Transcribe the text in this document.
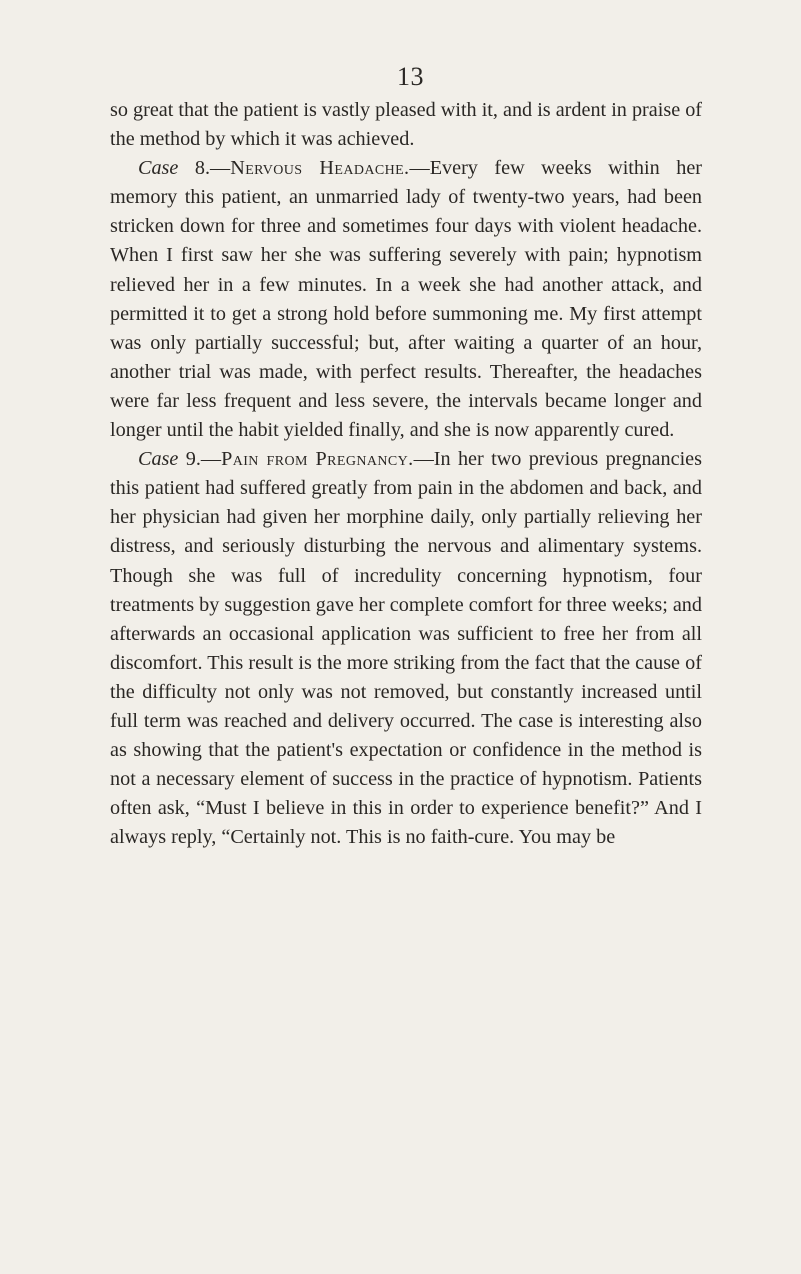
13

so great that the patient is vastly pleased with it, and is ardent in praise of the method by which it was achieved.

Case 8.—Nervous Headache.—Every few weeks within her memory this patient, an unmarried lady of twenty-two years, had been stricken down for three and sometimes four days with violent headache. When I first saw her she was suffering severely with pain; hypnotism relieved her in a few minutes. In a week she had another attack, and permitted it to get a strong hold before summoning me. My first attempt was only partially successful; but, after waiting a quarter of an hour, another trial was made, with perfect results. Thereafter, the headaches were far less frequent and less severe, the intervals became longer and longer until the habit yielded finally, and she is now apparently cured.

Case 9.—Pain from Pregnancy.—In her two previous pregnancies this patient had suffered greatly from pain in the abdomen and back, and her physician had given her morphine daily, only partially relieving her distress, and seriously disturbing the nervous and alimentary systems. Though she was full of incredulity concerning hypnotism, four treatments by suggestion gave her complete comfort for three weeks; and afterwards an occasional application was sufficient to free her from all discomfort. This result is the more striking from the fact that the cause of the difficulty not only was not removed, but constantly increased until full term was reached and delivery occurred. The case is interesting also as showing that the patient's expectation or confidence in the method is not a necessary element of success in the practice of hypnotism. Patients often ask, “Must I believe in this in order to experience benefit?” And I always reply, “Certainly not. This is no faith-cure. You may be
